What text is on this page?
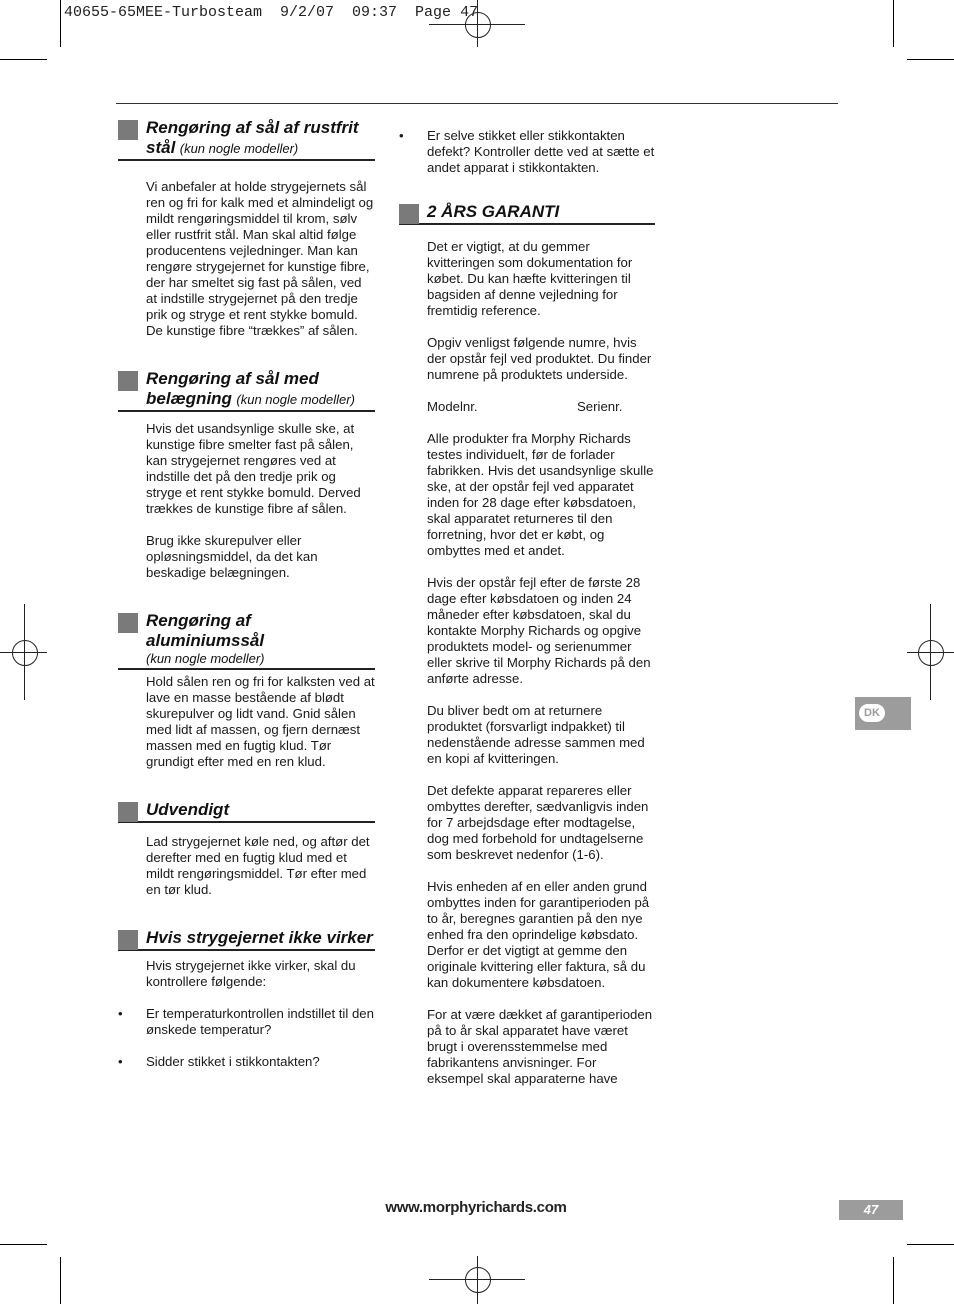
40655-65MEE-Turbosteam  9/2/07  09:37  Page 47
Rengøring af sål af rustfrit stål (kun nogle modeller)

Vi anbefaler at holde strygejernets sål ren og fri for kalk med et almindeligt og mildt rengøringsmiddel til krom, sølv eller rustfrit stål. Man skal altid følge producentens vejledninger. Man kan rengøre strygejernet for kunstige fibre, der har smeltet sig fast på sålen, ved at indstille strygejernet på den tredje prik og stryge et rent stykke bomuld. De kunstige fibre “trækkes” af sålen.

Rengøring af sål med belægning (kun nogle modeller)

Hvis det usandsynlige skulle ske, at kunstige fibre smelter fast på sålen, kan strygejernet rengøres ved at indstille det på den tredje prik og stryge et rent stykke bomuld. Derved trækkes de kunstige fibre af sålen.

Brug ikke skurepulver eller opløsningsmiddel, da det kan beskadige belægningen.

Rengøring af aluminiumssål
(kun nogle modeller)

Hold sålen ren og fri for kalksten ved at lave en masse bestående af blødt skurepulver og lidt vand. Gnid sålen med lidt af massen, og fjern dernæst massen med en fugtig klud. Tør grundigt efter med en ren klud.

Udvendigt

Lad strygejernet køle ned, og aftør det derefter med en fugtig klud med et mildt rengøringsmiddel. Tør efter med en tør klud.

Hvis strygejernet ikke virker

Hvis strygejernet ikke virker, skal du kontrollere følgende:

•	Er temperaturkontrollen indstillet til den ønskede temperatur?
•	Sidder stikket i stikkontakten?
•	Er selve stikket eller stikkontakten defekt? Kontroller dette ved at sætte et andet apparat i stikkontakten.
2 ÅRS GARANTI

Det er vigtigt, at du gemmer kvitteringen som dokumentation for købet. Du kan hæfte kvitteringen til bagsiden af denne vejledning for fremtidig reference.

Opgiv venligst følgende numre, hvis der opstår fejl ved produktet. Du finder numrene på produktets underside.

Modelnr.	Serienr.

Alle produkter fra Morphy Richards testes individuelt, før de forlader fabrikken. Hvis det usandsynlige skulle ske, at der opstår fejl ved apparatet inden for 28 dage efter købsdatoen, skal apparatet returneres til den forretning, hvor det er købt, og ombyttes med et andet.

Hvis der opstår fejl efter de første 28 dage efter købsdatoen og inden 24 måneder efter købsdatoen, skal du kontakte Morphy Richards og opgive produktets model- og serienummer eller skrive til Morphy Richards på den anførte adresse.

Du bliver bedt om at returnere produktet (forsvarligt indpakket) til nedenstående adresse sammen med en kopi af kvitteringen.

Det defekte apparat repareres eller ombyttes derefter, sædvanligvis inden for 7 arbejdsdage efter modtagelse, dog med forbehold for undtagelserne som beskrevet nedenfor (1-6).

Hvis enheden af en eller anden grund ombyttes inden for garantiperioden på to år, beregnes garantien på den nye enhed fra den oprindelige købsdato. Derfor er det vigtigt at gemme den originale kvittering eller faktura, så du kan dokumentere købsdatoen.

For at være dækket af garantiperioden på to år skal apparatet have været brugt i overensstemmelse med fabrikantens anvisninger. For eksempel skal apparaterne have

DK
www.morphyrichards.com	47
